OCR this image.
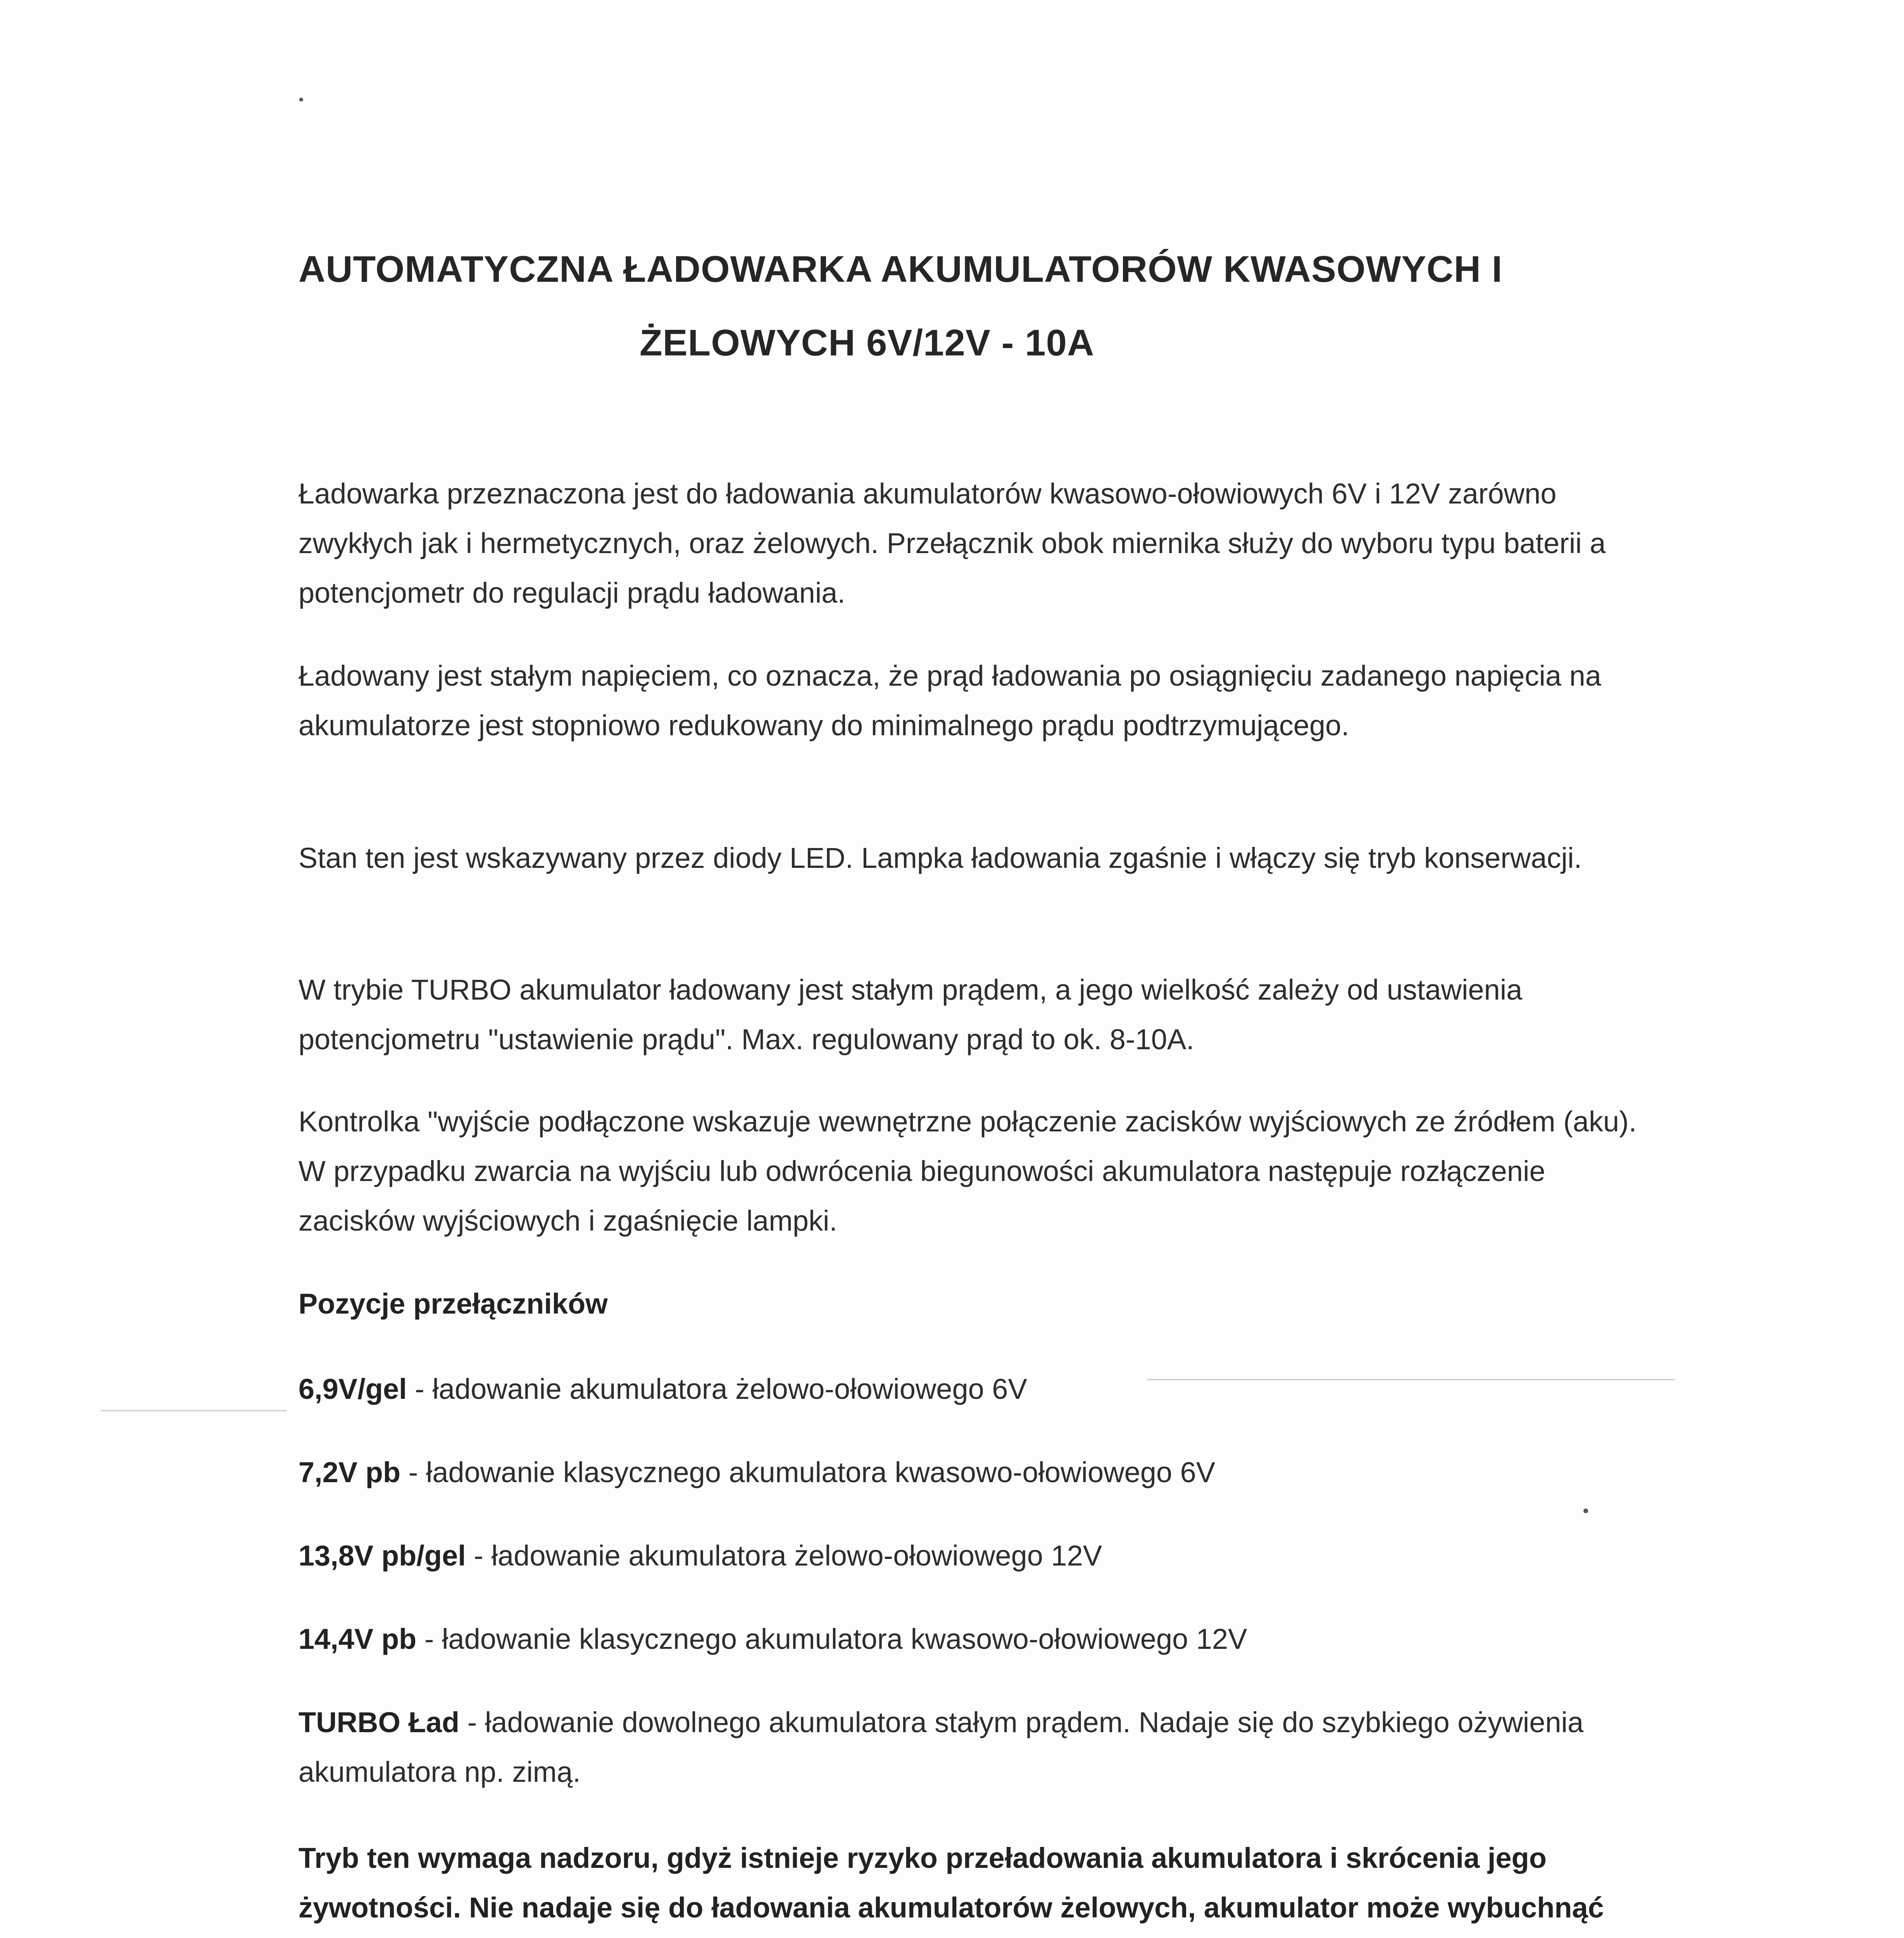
AUTOMATYCZNA ŁADOWARKA AKUMULATORÓW KWASOWYCH I
ŻELOWYCH 6V/12V - 10A

Ładowarka przeznaczona jest do ładowania akumulatorów kwasowo-ołowiowych 6V i 12V zarówno zwykłych jak i hermetycznych, oraz żelowych. Przełącznik obok miernika służy do wyboru typu baterii a potencjometr do regulacji prądu ładowania.

Ładowany jest stałym napięciem, co oznacza, że prąd ładowania po osiągnięciu zadanego napięcia na akumulatorze jest stopniowo redukowany do minimalnego prądu podtrzymującego.

Stan ten jest wskazywany przez diody LED. Lampka ładowania zgaśnie i włączy się tryb konserwacji.

W trybie TURBO akumulator ładowany jest stałym prądem, a jego wielkość zależy od ustawienia potencjometru "ustawienie prądu". Max. regulowany prąd to ok. 8-10A.

Kontrolka "wyjście podłączone wskazuje wewnętrzne połączenie zacisków wyjściowych ze źródłem (aku). W przypadku zwarcia na wyjściu lub odwrócenia biegunowości akumulatora następuje rozłączenie zacisków wyjściowych i zgaśnięcie lampki.

Pozycje przełączników

6,9V/gel - ładowanie akumulatora żelowo-ołowiowego 6V

7,2V pb - ładowanie klasycznego akumulatora kwasowo-ołowiowego 6V

13,8V pb/gel - ładowanie akumulatora żelowo-ołowiowego 12V

14,4V pb - ładowanie klasycznego akumulatora kwasowo-ołowiowego 12V

TURBO Ład - ładowanie dowolnego akumulatora stałym prądem. Nadaje się do szybkiego ożywienia akumulatora np. zimą.

Tryb ten wymaga nadzoru, gdyż istnieje ryzyko przeładowania akumulatora i skrócenia jego żywotności. Nie nadaje się do ładowania akumulatorów żelowych, akumulator może wybuchnąć
